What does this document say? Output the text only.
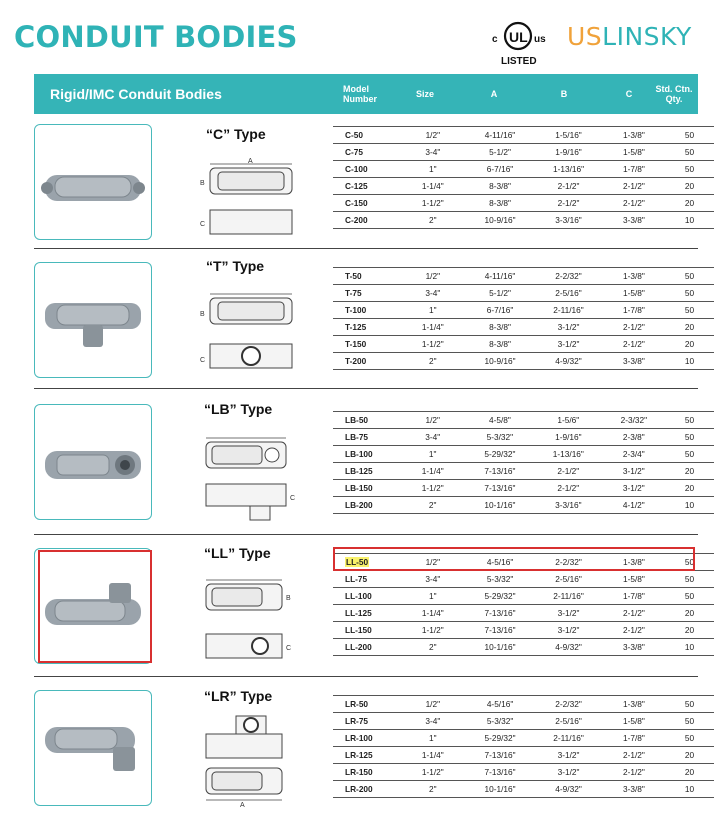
CONDUIT BODIES	c UL us
LISTED
USLINSKY
Rigid/IMC Conduit Bodies	Model Number	Size	A	B	C	Std. Ctn. Qty.
“C” Type
A
B
C
C-50	1/2"	4-11/16"	1-5/16"	1-3/8"	50
C-75	3-4"	5-1/2"	1-9/16"	1-5/8"	50
C-100	1"	6-7/16"	1-13/16"	1-7/8"	50
C-125	1-1/4"	8-3/8"	2-1/2"	2-1/2"	20
C-150	1-1/2"	8-3/8"	2-1/2"	2-1/2"	20
C-200	2"	10-9/16"	3-3/16"	3-3/8"	10
“T” Type
B
C
T-50	1/2"	4-11/16"	2-2/32"	1-3/8"	50
T-75	3-4"	5-1/2"	2-5/16"	1-5/8"	50
T-100	1"	6-7/16"	2-11/16"	1-7/8"	50
T-125	1-1/4"	8-3/8"	3-1/2"	2-1/2"	20
T-150	1-1/2"	8-3/8"	3-1/2"	2-1/2"	20
T-200	2"	10-9/16"	4-9/32"	3-3/8"	10
“LB” Type
C
LB-50	1/2"	4-5/8"	1-5/6"	2-3/32"	50
LB-75	3-4"	5-3/32"	1-9/16"	2-3/8"	50
LB-100	1"	5-29/32"	1-13/16"	2-3/4"	50
LB-125	1-1/4"	7-13/16"	2-1/2"	3-1/2"	20
LB-150	1-1/2"	7-13/16"	2-1/2"	3-1/2"	20
LB-200	2"	10-1/16"	3-3/16"	4-1/2"	10
“LL” Type
B
C
LL-50	1/2"	4-5/16"	2-2/32"	1-3/8"	50
LL-75	3-4"	5-3/32"	2-5/16"	1-5/8"	50
LL-100	1"	5-29/32"	2-11/16"	1-7/8"	50
LL-125	1-1/4"	7-13/16"	3-1/2"	2-1/2"	20
LL-150	1-1/2"	7-13/16"	3-1/2"	2-1/2"	20
LL-200	2"	10-1/16"	4-9/32"	3-3/8"	10
“LR” Type
A
LR-50	1/2"	4-5/16"	2-2/32"	1-3/8"	50
LR-75	3-4"	5-3/32"	2-5/16"	1-5/8"	50
LR-100	1"	5-29/32"	2-11/16"	1-7/8"	50
LR-125	1-1/4"	7-13/16"	3-1/2"	2-1/2"	20
LR-150	1-1/2"	7-13/16"	3-1/2"	2-1/2"	20
LR-200	2"	10-1/16"	4-9/32"	3-3/8"	10
